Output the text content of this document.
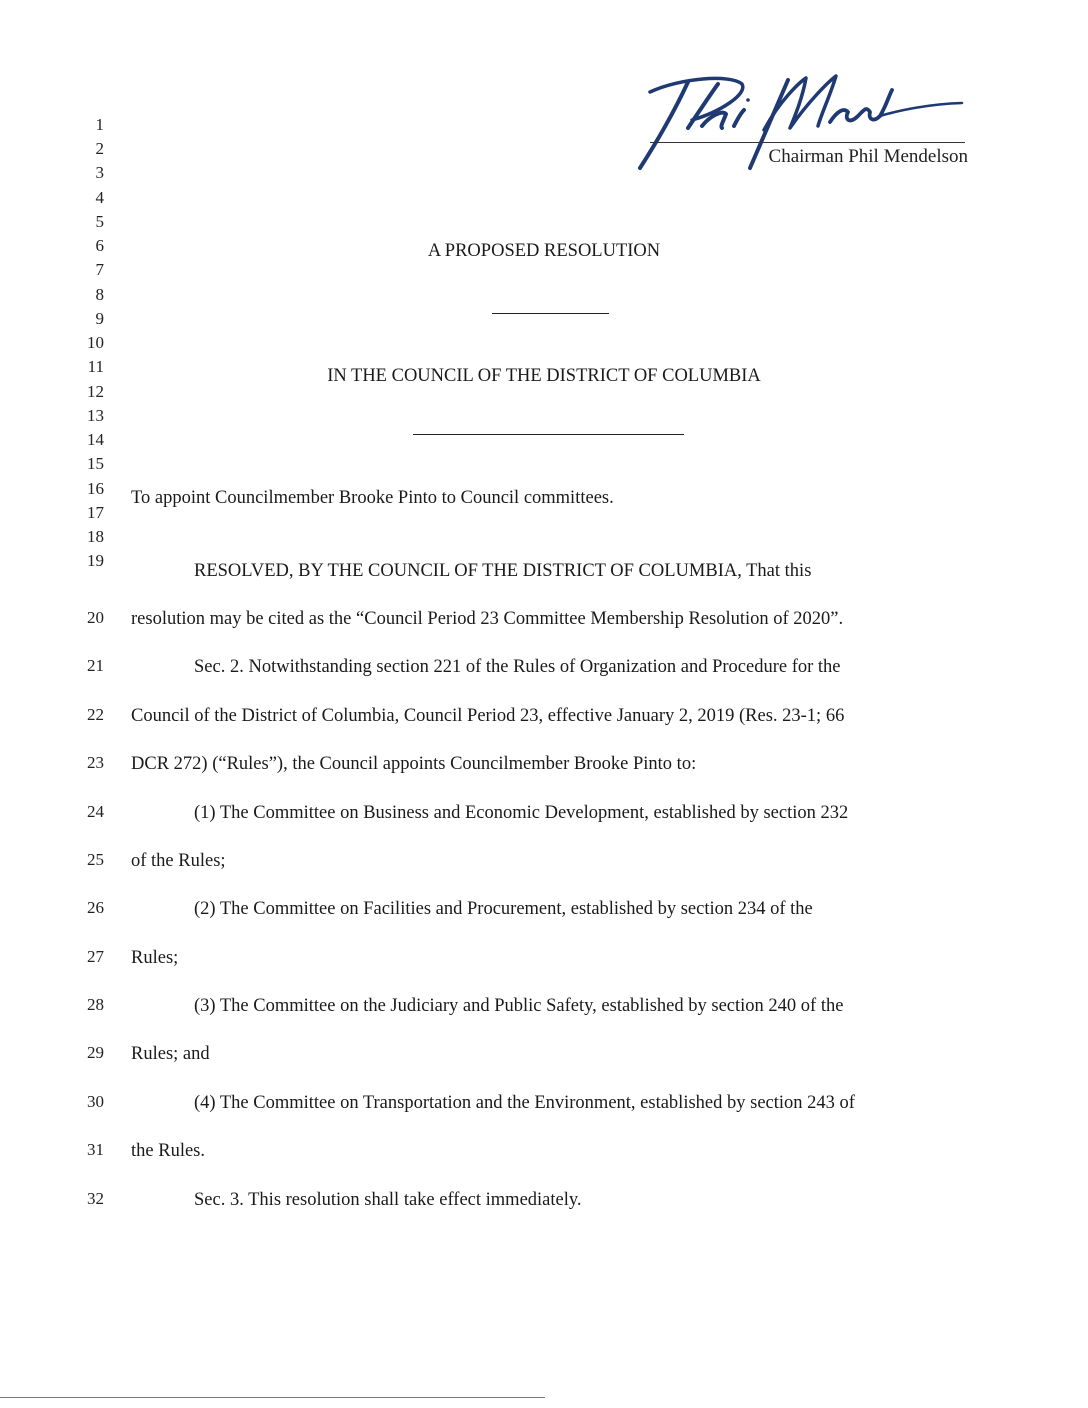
Chairman Phil Mendelson
1
2
3
4
5
6
7
8
9
10
11
12
13
14
15
16
17
18
19
20
21
22
23
24
25
26
27
28
29
30
31
32
A PROPOSED RESOLUTION
IN THE COUNCIL OF THE DISTRICT OF COLUMBIA
To appoint Councilmember Brooke Pinto to Council committees.
RESOLVED, BY THE COUNCIL OF THE DISTRICT OF COLUMBIA, That this
resolution may be cited as the “Council Period 23 Committee Membership Resolution of 2020”.
Sec. 2. Notwithstanding section 221 of the Rules of Organization and Procedure for the
Council of the District of Columbia, Council Period 23, effective January 2, 2019 (Res. 23-1; 66
DCR 272) (“Rules”), the Council appoints Councilmember Brooke Pinto to:
(1) The Committee on Business and Economic Development, established by section 232
of the Rules;
(2) The Committee on Facilities and Procurement, established by section 234 of the
Rules;
(3) The Committee on the Judiciary and Public Safety, established by section 240 of the
Rules; and
(4) The Committee on Transportation and the Environment, established by section 243 of
the Rules.
Sec. 3. This resolution shall take effect immediately.
